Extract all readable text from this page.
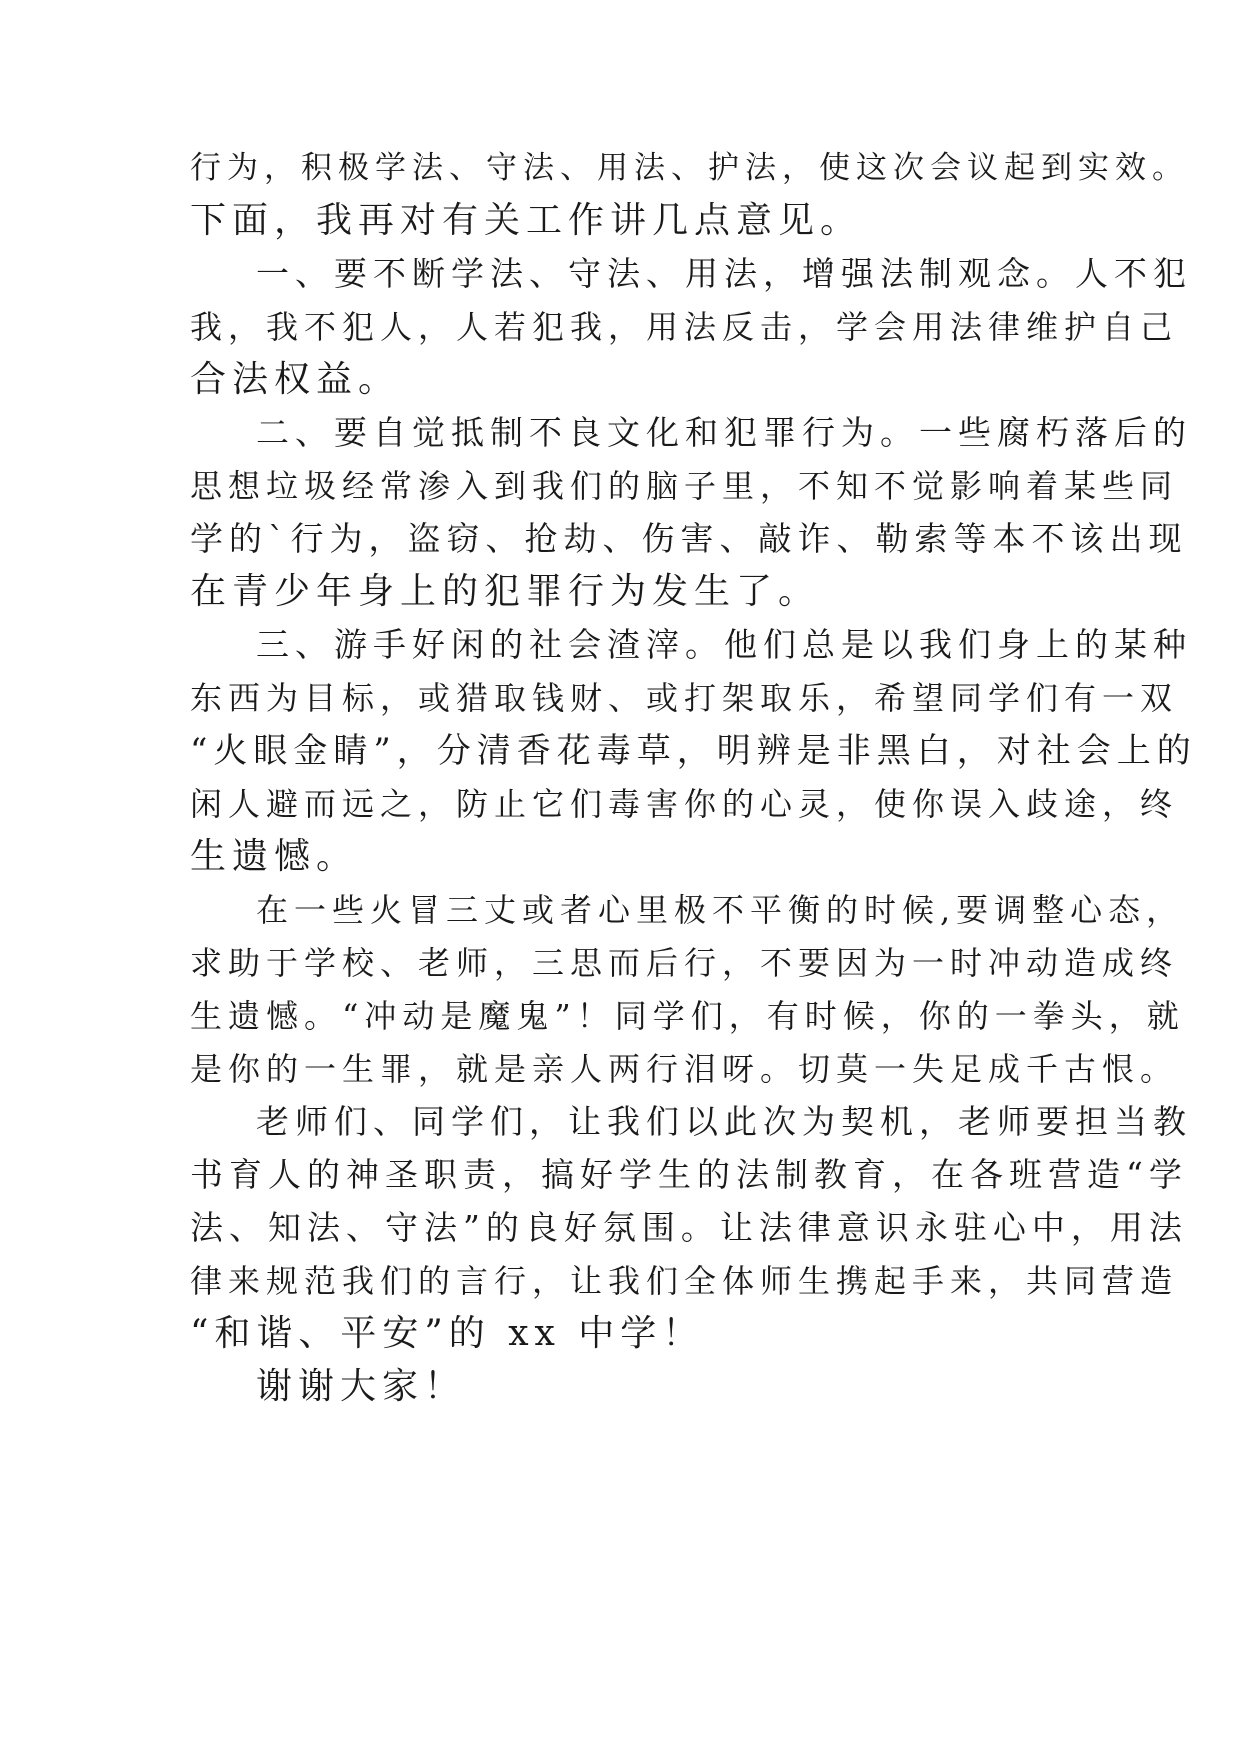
行为，积极学法、守法、用法、护法，使这次会议起到实效。
下面，我再对有关工作讲几点意见。
一、要不断学法、守法、用法，增强法制观念。人不犯
我，我不犯人，人若犯我，用法反击，学会用法律维护自己
合法权益。
二、要自觉抵制不良文化和犯罪行为。一些腐朽落后的
思想垃圾经常渗入到我们的脑子里，不知不觉影响着某些同
学的`行为，盗窃、抢劫、伤害、敲诈、勒索等本不该出现
在青少年身上的犯罪行为发生了。
三、游手好闲的社会渣滓。他们总是以我们身上的某种
东西为目标，或猎取钱财、或打架取乐，希望同学们有一双
“火眼金睛”，分清香花毒草，明辨是非黑白，对社会上的
闲人避而远之，防止它们毒害你的心灵，使你误入歧途，终
生遗憾。
在一些火冒三丈或者心里极不平衡的时候,要调整心态，
求助于学校、老师，三思而后行，不要因为一时冲动造成终
生遗憾。“冲动是魔鬼”！同学们，有时候，你的一拳头，就
是你的一生罪，就是亲人两行泪呀。切莫一失足成千古恨。
老师们、同学们，让我们以此次为契机，老师要担当教
书育人的神圣职责，搞好学生的法制教育，在各班营造“学
法、知法、守法”的良好氛围。让法律意识永驻心中，用法
律来规范我们的言行，让我们全体师生携起手来，共同营造
“和谐、平安”的 xx 中学！
谢谢大家！
